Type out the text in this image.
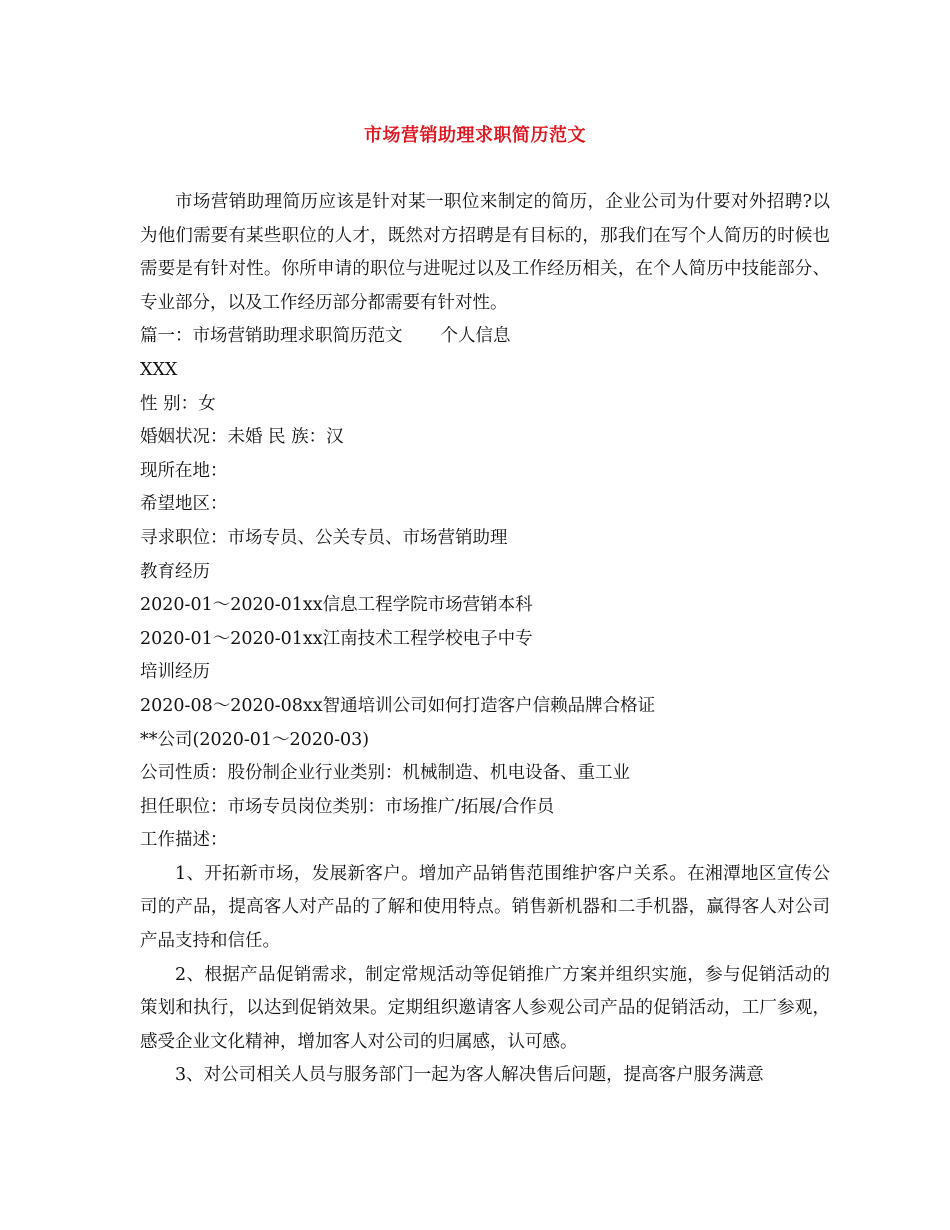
市场营销助理求职简历范文

市场营销助理简历应该是针对某一职位来制定的简历，企业公司为什要对外招聘?以为他们需要有某些职位的人才，既然对方招聘是有目标的，那我们在写个人简历的时候也需要是有针对性。你所申请的职位与进呢过以及工作经历相关，在个人简历中技能部分、专业部分，以及工作经历部分都需要有针对性。

篇一：市场营销助理求职简历范文 个人信息

XXX

性 别：女

婚姻状况：未婚 民 族：汉

现所在地：

希望地区：

寻求职位：市场专员、公关专员、市场营销助理

教育经历

2020-01～2020-01xx信息工程学院市场营销本科

2020-01～2020-01xx江南技术工程学校电子中专

培训经历

2020-08～2020-08xx智通培训公司如何打造客户信赖品牌合格证

**公司(2020-01～2020-03)

公司性质：股份制企业行业类别：机械制造、机电设备、重工业

担任职位：市场专员岗位类别：市场推广/拓展/合作员

工作描述：

1、开拓新市场，发展新客户。增加产品销售范围维护客户关系。在湘潭地区宣传公司的产品，提高客人对产品的了解和使用特点。销售新机器和二手机器，赢得客人对公司产品支持和信任。

2、根据产品促销需求，制定常规活动等促销推广方案并组织实施，参与促销活动的策划和执行，以达到促销效果。定期组织邀请客人参观公司产品的促销活动，工厂参观，感受企业文化精神，增加客人对公司的归属感，认可感。

3、对公司相关人员与服务部门一起为客人解决售后问题，提高客户服务满意
